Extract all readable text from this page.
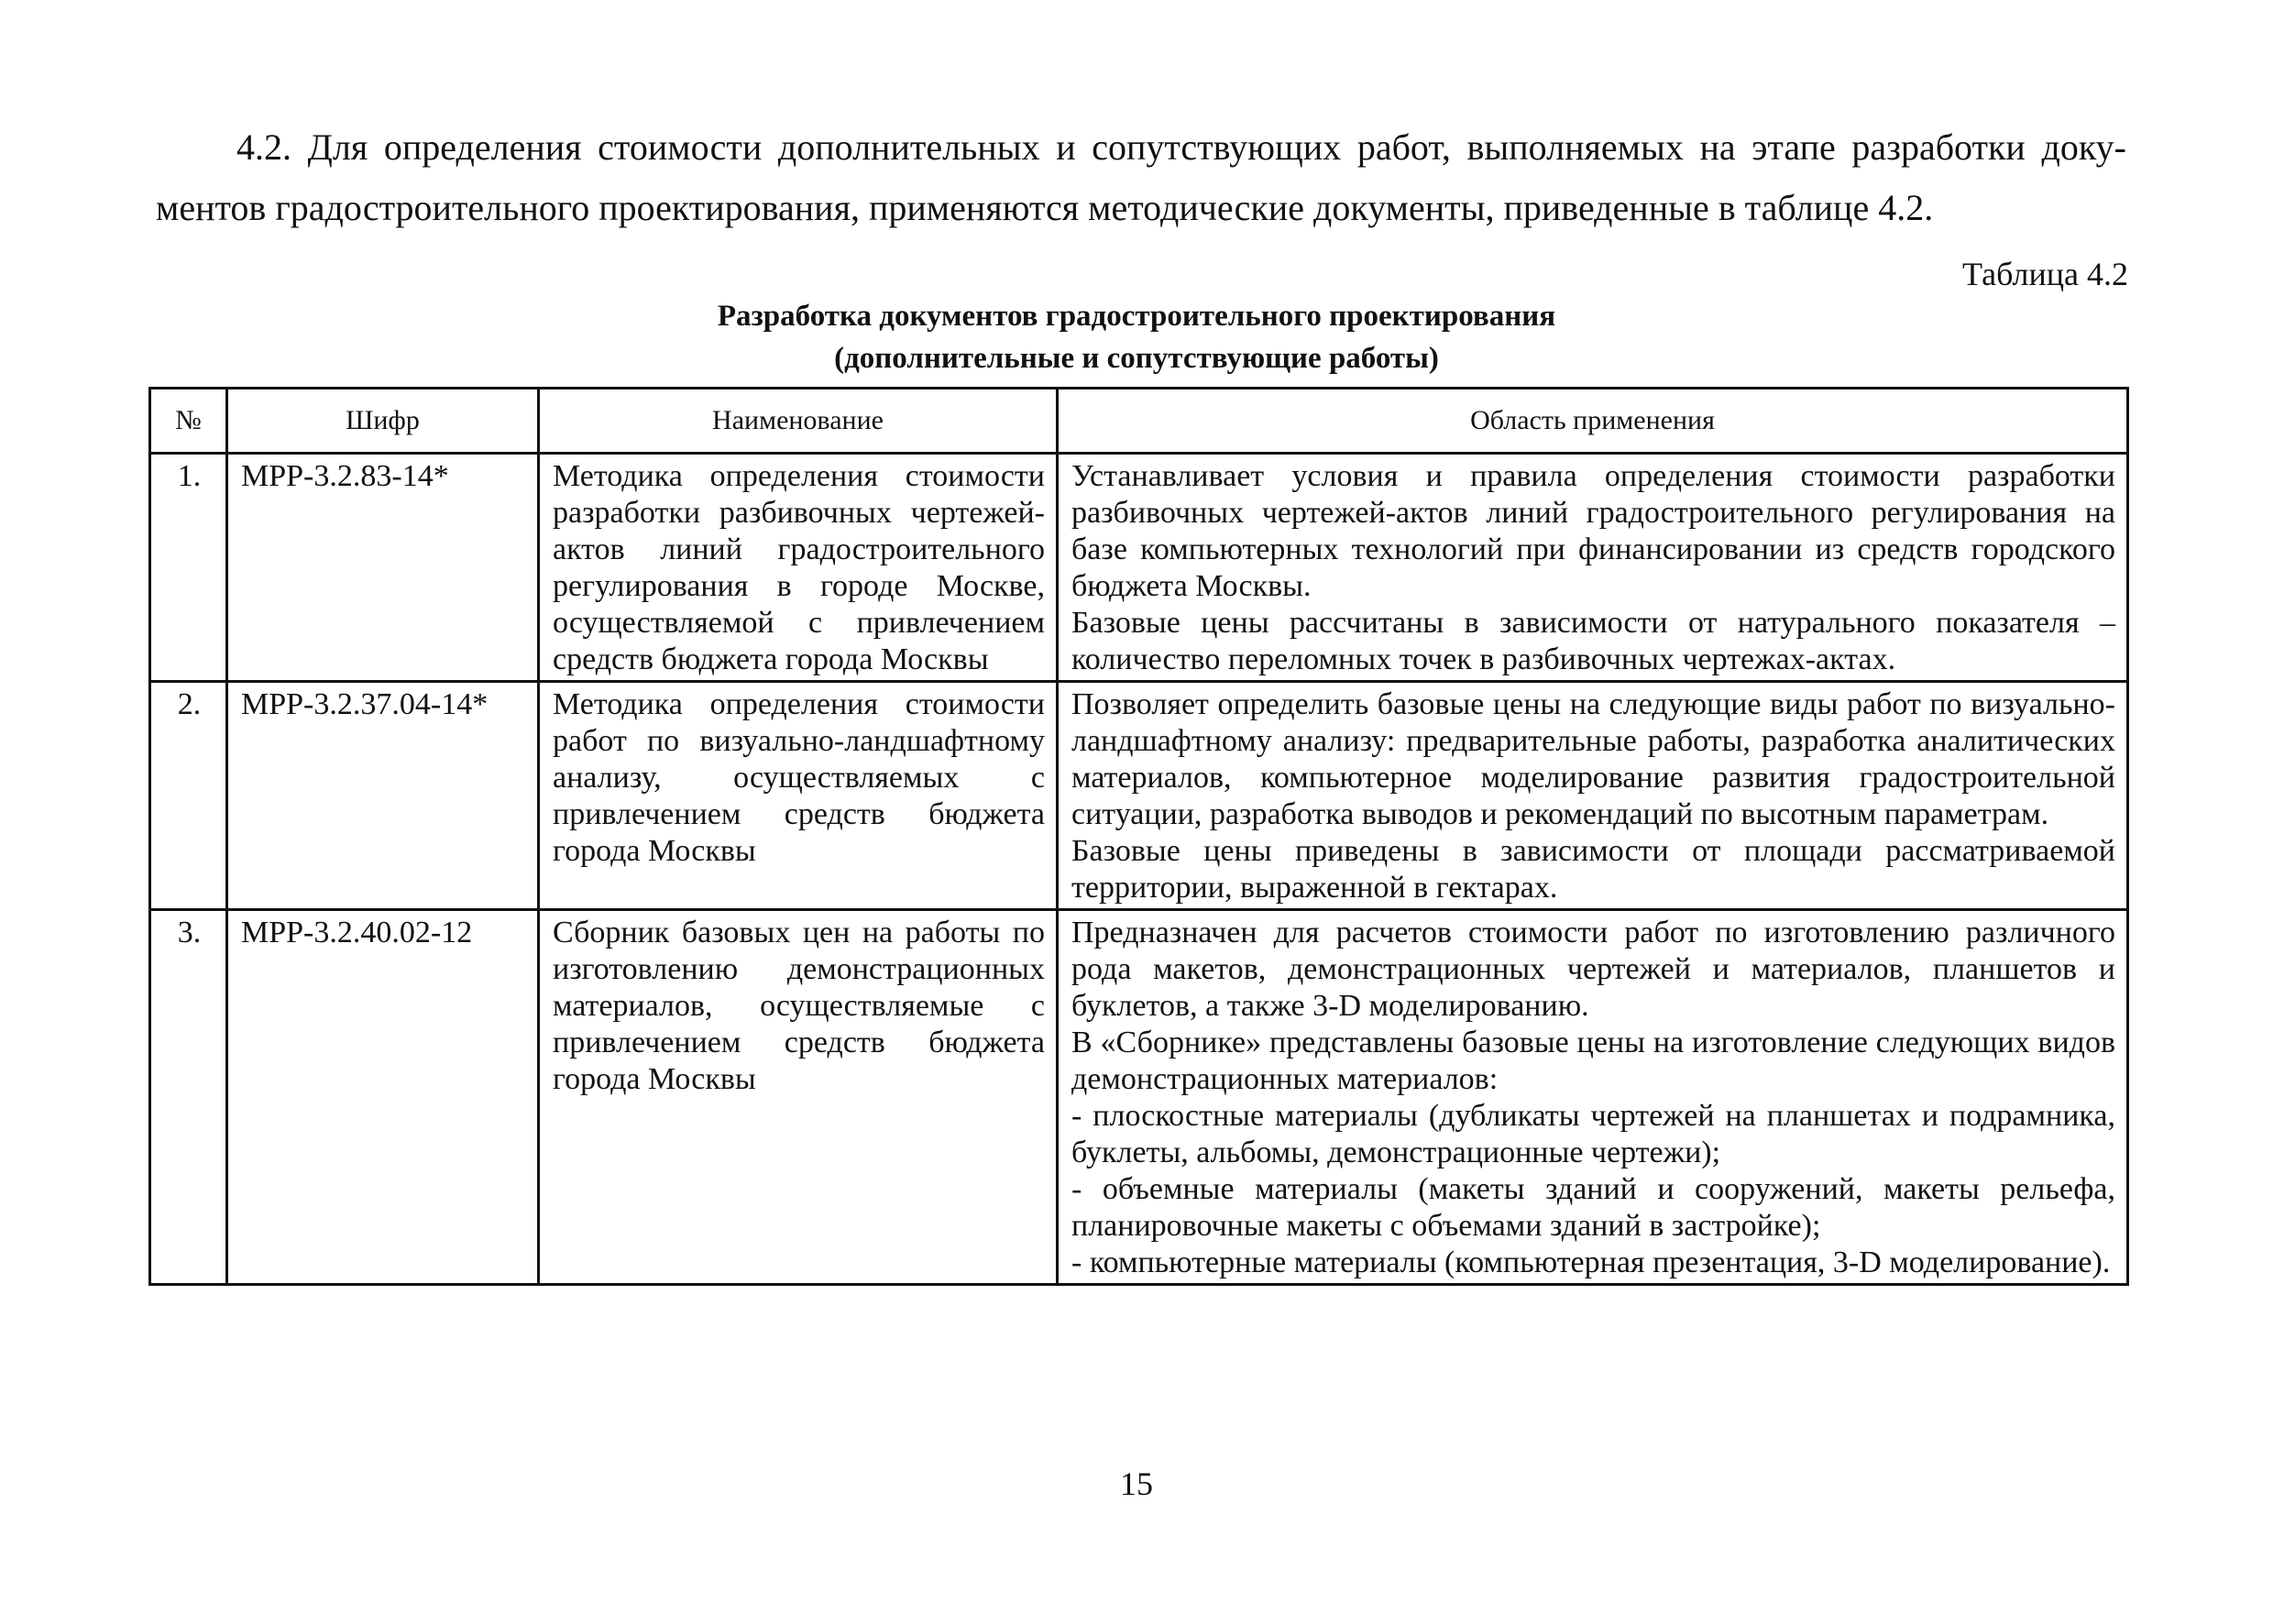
4.2. Для определения стоимости дополнительных и сопутствующих работ, выполняемых на этапе разработки доку-

ментов градостроительного проектирования, применяются методические документы, приведенные в таблице 4.2.

Таблица 4.2
Разработка документов градостроительного проектирования
(дополнительные и сопутствующие работы)
№	Шифр	Наименование	Область применения
1.	МРР-3.2.83-14*	Методика определения стоимости разработки разбивочных чертежей-актов линий градостроительного регулирования в городе Москве, осуществляемой с привлечением средств бюджета города Москвы	Устанавливает условия и правила определения стоимости разработки разбивочных чертежей-актов линий градостроительного регулирования на базе компьютерных технологий при финансировании из средств городского бюджета Москвы.

Базовые цены рассчитаны в зависимости от натурального показателя – количество переломных точек в разбивочных чертежах-актах.

2.	МРР-3.2.37.04-14*	Методика определения стоимости работ по визуально-ландшафтному анализу, осуществляемых с привлечением средств бюджета города Москвы	Позволяет определить базовые цены на следующие виды работ по визуально-ландшафтному анализу: предварительные работы, разработка аналитических материалов, компьютерное моделирование развития градостроительной ситуации, разработка выводов и рекомендаций по высотным параметрам.

Базовые цены приведены в зависимости от площади рассматриваемой территории, выраженной в гектарах.

3.	МРР-3.2.40.02-12	Сборник базовых цен на работы по изготовлению демонстрационных материалов, осуществляемые с привлечением средств бюджета города Москвы	Предназначен для расчетов стоимости работ по изготовлению различного рода макетов, демонстрационных чертежей и материалов, планшетов и буклетов, а также 3-D моделированию.

В «Сборнике» представлены базовые цены на изготовление следующих видов демонстрационных материалов:

- плоскостные материалы (дубликаты чертежей на планшетах и подрамника, буклеты, альбомы, демонстрационные чертежи);

- объемные материалы (макеты зданий и сооружений, макеты рельефа, планировочные макеты с объемами зданий в застройке);

- компьютерные материалы (компьютерная презентация, 3-D моделирование).

15
